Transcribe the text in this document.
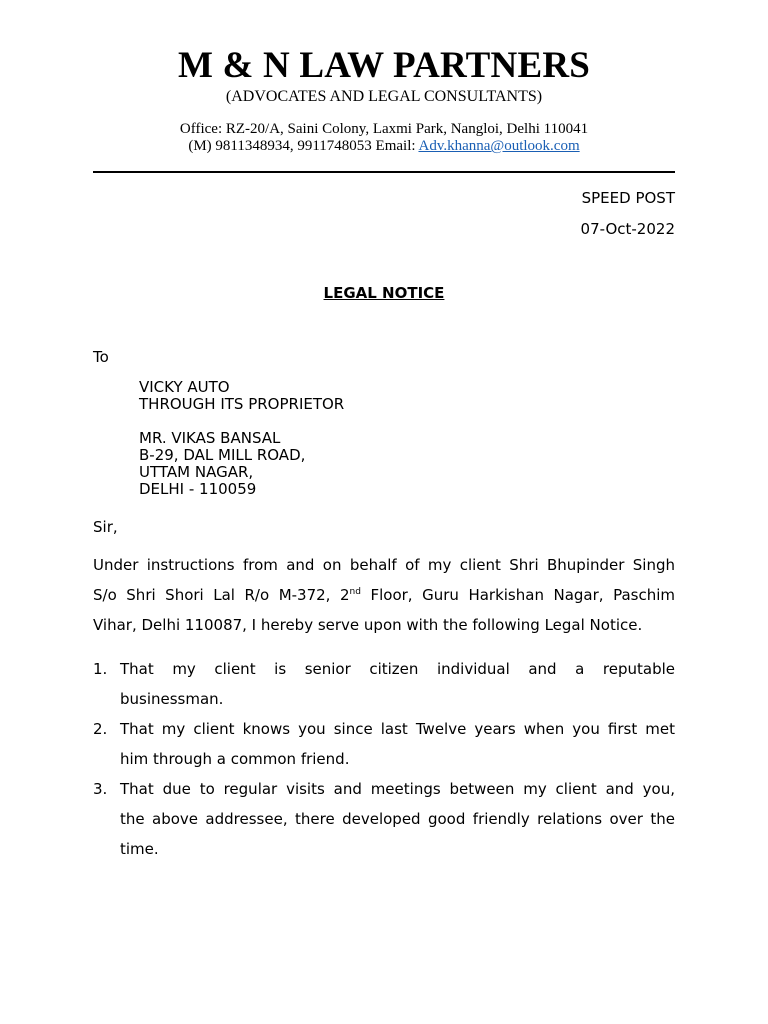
M & N LAW PARTNERS
(ADVOCATES AND LEGAL CONSULTANTS)
Office: RZ-20/A, Saini Colony, Laxmi Park, Nangloi, Delhi 110041
(M) 9811348934, 9911748053 Email: Adv.khanna@outlook.com
SPEED POST
07-Oct-2022
LEGAL NOTICE
To
VICKY AUTO
THROUGH ITS PROPRIETOR
MR. VIKAS BANSAL
B-29, DAL MILL ROAD,
UTTAM NAGAR,
DELHI - 110059
Sir,
Under instructions from and on behalf of my client Shri Bhupinder Singh
S/o Shri Shori Lal R/o M-372, 2nd Floor, Guru Harkishan Nagar, Paschim
Vihar, Delhi 110087, I hereby serve upon with the following Legal Notice.
1. That my client is senior citizen individual and a reputable
businessman.
2. That my client knows you since last Twelve years when you first met
him through a common friend.
3. That due to regular visits and meetings between my client and you,
the above addressee, there developed good friendly relations over the
time.
